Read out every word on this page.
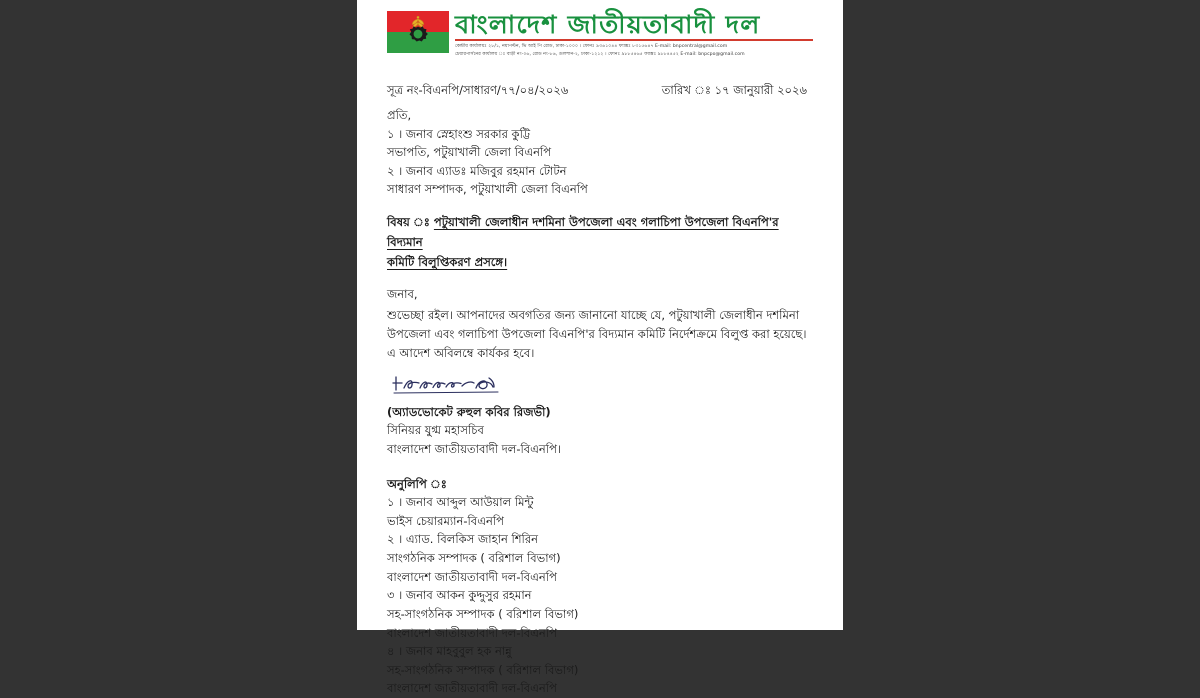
বাংলাদেশ জাতীয়তাবাদী দল
কেন্দ্রীয় কার্যালয়ঃ ২৮/১, নয়াপল্টন, ভি আই পি রোড, ঢাকা-১০০০ । ফোনঃ ৯৩৬১০৪৪ ফ্যাক্সঃ ৮৩১৫৬৪৭ E-mail: bnpcentral@gmail.com
চেয়ারপার্সনের কার্যালয় ঃ বাড়ী নং-০৬, রোড নং-৮৬, গুলশান-২, ঢাকা-১২১২ । ফোনঃ ৯৮৮৫৪৬৫ ফ্যাক্সঃ ৯৮৮৪৪৫২ E-mail: bnpcpo@gmail.com
সূত্র নং-বিএনপি/সাধারণ/৭৭/০৪/২০২৬	তারিখ ঃ ১৭ জানুয়ারী ২০২৬
প্রতি,
১ । জনাব স্নেহাংশু সরকার কুট্টি
সভাপতি, পটুয়াখালী জেলা বিএনপি
২ । জনাব এ্যাডঃ মজিবুর রহমান টোটন
সাধারণ সম্পাদক, পটুয়াখালী জেলা বিএনপি
বিষয় ঃ পটুয়াখালী জেলাধীন দশমিনা উপজেলা এবং গলাচিপা উপজেলা বিএনপি'র বিদ্যমান
কমিটি বিলুপ্তিকরণ প্রসঙ্গে।
জনাব,

শুভেচ্ছা রইল। আপনাদের অবগতির জন্য জানানো যাচ্ছে যে, পটুয়াখালী জেলাধীন দশমিনা

উপজেলা এবং গলাচিপা উপজেলা বিএনপি'র বিদ্যমান কমিটি নির্দেশক্রমে বিলুপ্ত করা হয়েছে।

এ আদেশ অবিলম্বে কার্যকর হবে।

(অ্যাডভোকেট রুহুল কবির রিজভী)
সিনিয়র যুগ্ম মহাসচিব
বাংলাদেশ জাতীয়তাবাদী দল-বিএনপি।
অনুলিপি ঃ
১ । জনাব আব্দুল আউয়াল মিন্টু
ভাইস চেয়ারম্যান-বিএনপি
২ । এ্যাড. বিলকিস জাহান শিরিন
সাংগঠনিক সম্পাদক ( বরিশাল বিভাগ)
বাংলাদেশ জাতীয়তাবাদী দল-বিএনপি
৩ । জনাব আকন কুদ্দুসুর রহমান
সহ-সাংগঠনিক সম্পাদক ( বরিশাল বিভাগ)
বাংলাদেশ জাতীয়তাবাদী দল-বিএনপি
৪ । জনাব মাহবুবুল হক নান্নু
সহ-সাংগঠনিক সম্পাদক ( বরিশাল বিভাগ)
বাংলাদেশ জাতীয়তাবাদী দল-বিএনপি
